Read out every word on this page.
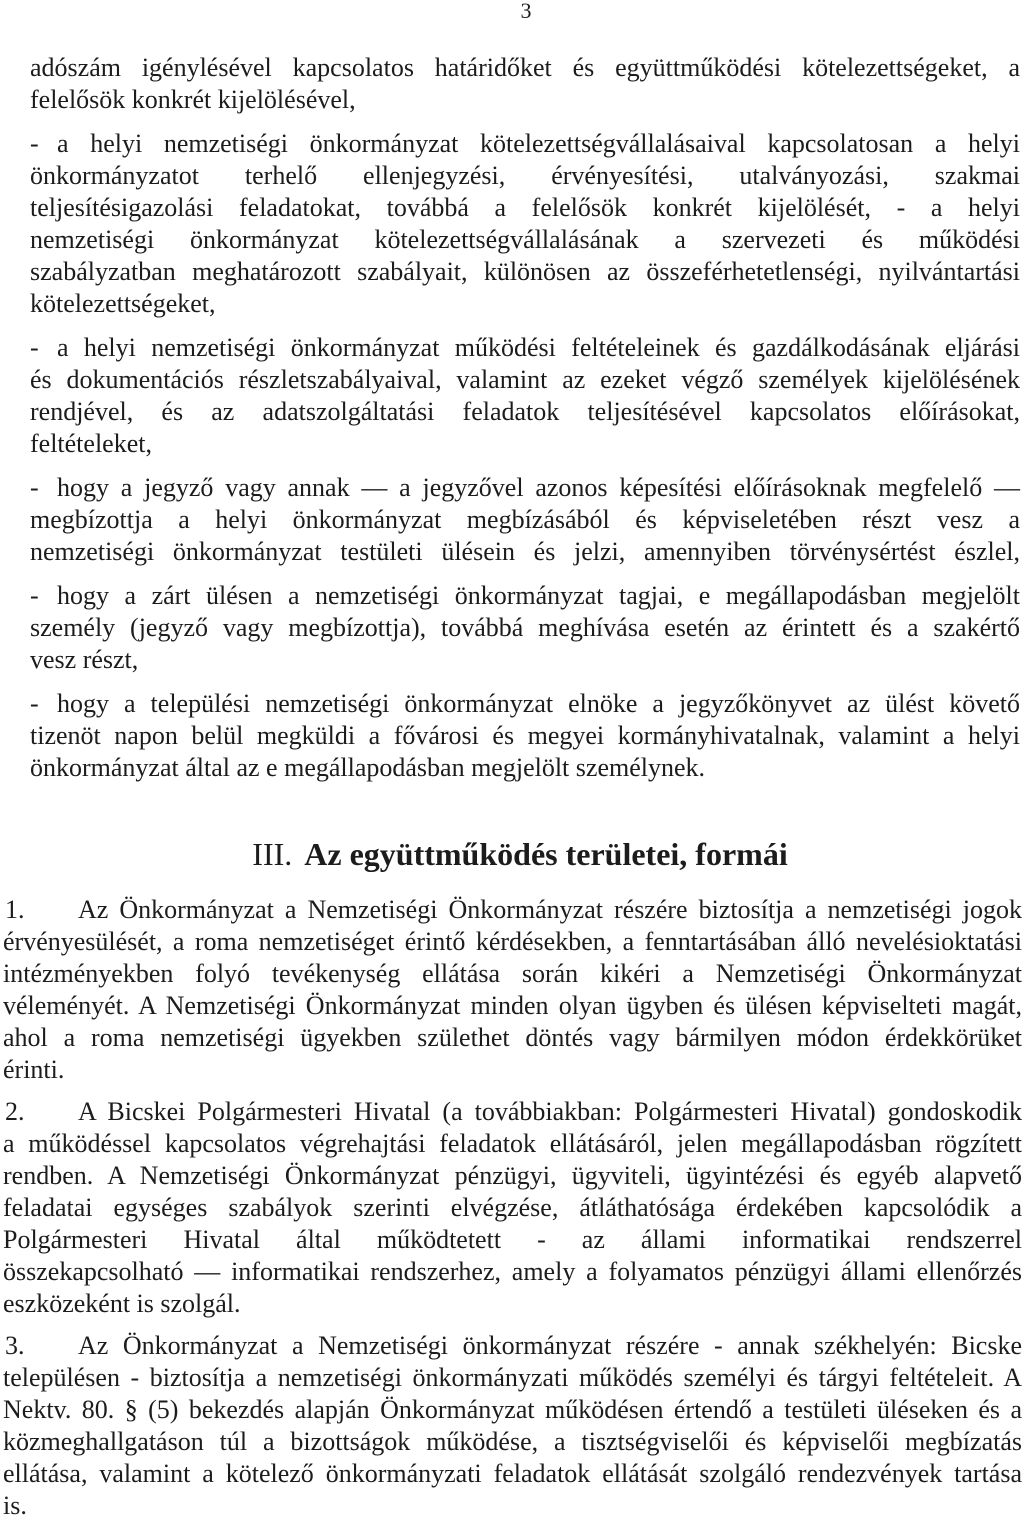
3
adószám igénylésével kapcsolatos határidőket és együttműködési kötelezettségeket, a
felelősök konkrét kijelölésével,
- a helyi nemzetiségi önkormányzat kötelezettségvállalásaival kapcsolatosan a helyi
önkormányzatot terhelő ellenjegyzési, érvényesítési, utalványozási, szakmai
teljesítésigazolási feladatokat, továbbá a felelősök konkrét kijelölését, - a helyi
nemzetiségi önkormányzat kötelezettségvállalásának a szervezeti és működési
szabályzatban meghatározott szabályait, különösen az összeférhetetlenségi, nyilvántartási
kötelezettségeket,
- a helyi nemzetiségi önkormányzat működési feltételeinek és gazdálkodásának eljárási
és dokumentációs részletszabályaival, valamint az ezeket végző személyek kijelölésének
rendjével, és az adatszolgáltatási feladatok teljesítésével kapcsolatos előírásokat,
feltételeket,
- hogy a jegyző vagy annak — a jegyzővel azonos képesítési előírásoknak megfelelő —
megbízottja a helyi önkormányzat megbízásából és képviseletében részt vesz a
nemzetiségi önkormányzat testületi ülésein és jelzi, amennyiben törvénysértést észlel,
- hogy a zárt ülésen a nemzetiségi önkormányzat tagjai, e megállapodásban megjelölt
személy (jegyző vagy megbízottja), továbbá meghívása esetén az érintett és a szakértő
vesz részt,
- hogy a települési nemzetiségi önkormányzat elnöke a jegyzőkönyvet az ülést követő
tizenöt napon belül megküldi a fővárosi és megyei kormányhivatalnak, valamint a helyi
önkormányzat által az e megállapodásban megjelölt személynek.
III. Az együttműködés területei, formái
1. Az Önkormányzat a Nemzetiségi Önkormányzat részére biztosítja a nemzetiségi jogok
érvényesülését, a roma nemzetiséget érintő kérdésekben, a fenntartásában álló nevelésioktatási
intézményekben folyó tevékenység ellátása során kikéri a Nemzetiségi Önkormányzat
véleményét. A Nemzetiségi Önkormányzat minden olyan ügyben és ülésen képviselteti magát,
ahol a roma nemzetiségi ügyekben születhet döntés vagy bármilyen módon érdekkörüket
érinti.
2. A Bicskei Polgármesteri Hivatal (a továbbiakban: Polgármesteri Hivatal) gondoskodik
a működéssel kapcsolatos végrehajtási feladatok ellátásáról, jelen megállapodásban rögzített
rendben. A Nemzetiségi Önkormányzat pénzügyi, ügyviteli, ügyintézési és egyéb alapvető
feladatai egységes szabályok szerinti elvégzése, átláthatósága érdekében kapcsolódik a
Polgármesteri Hivatal által működtetett - az állami informatikai rendszerrel
összekapcsolható — informatikai rendszerhez, amely a folyamatos pénzügyi állami ellenőrzés
eszközeként is szolgál.
3. Az Önkormányzat a Nemzetiségi önkormányzat részére - annak székhelyén: Bicske
településen - biztosítja a nemzetiségi önkormányzati működés személyi és tárgyi feltételeit. A
Nektv. 80. § (5) bekezdés alapján Önkormányzat működésen értendő a testületi üléseken és a
közmeghallgatáson túl a bizottságok működése, a tisztségviselői és képviselői megbízatás
ellátása, valamint a kötelező önkormányzati feladatok ellátását szolgáló rendezvények tartása
is.
